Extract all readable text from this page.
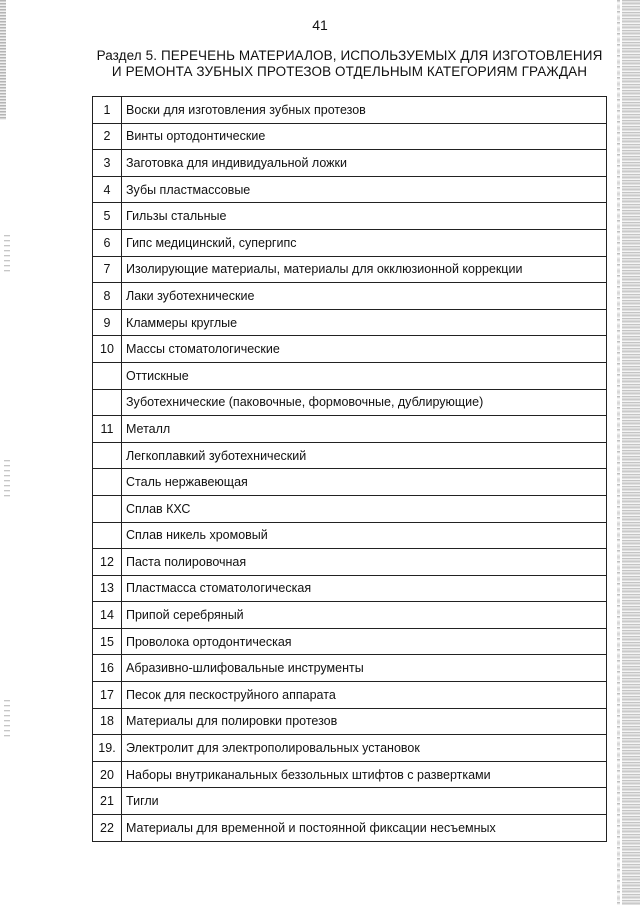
41
Раздел 5. ПЕРЕЧЕНЬ МАТЕРИАЛОВ, ИСПОЛЬЗУЕМЫХ ДЛЯ ИЗГОТОВЛЕНИЯ
И РЕМОНТА ЗУБНЫХ ПРОТЕЗОВ ОТДЕЛЬНЫМ КАТЕГОРИЯМ ГРАЖДАН
1	Воски для изготовления зубных протезов
2	Винты ортодонтические
3	Заготовка для индивидуальной ложки
4	Зубы пластмассовые
5	Гильзы стальные
6	Гипс медицинский, супергипс
7	Изолирующие материалы, материалы для окклюзионной коррекции
8	Лаки зуботехнические
9	Кламмеры круглые
10	Массы стоматологические
	Оттискные
	Зуботехнические (паковочные, формовочные, дублирующие)
11	Металл
	Легкоплавкий зуботехнический
	Сталь нержавеющая
	Сплав КХС
	Сплав никель хромовый
12	Паста полировочная
13	Пластмасса стоматологическая
14	Припой серебряный
15	Проволока ортодонтическая
16	Абразивно-шлифовальные инструменты
17	Песок для пескоструйного аппарата
18	Материалы для полировки протезов
19.	Электролит для электрополировальных установок
20	Наборы внутриканальных беззольных штифтов с развертками
21	Тигли
22	Материалы для временной и постоянной фиксации несъемных
